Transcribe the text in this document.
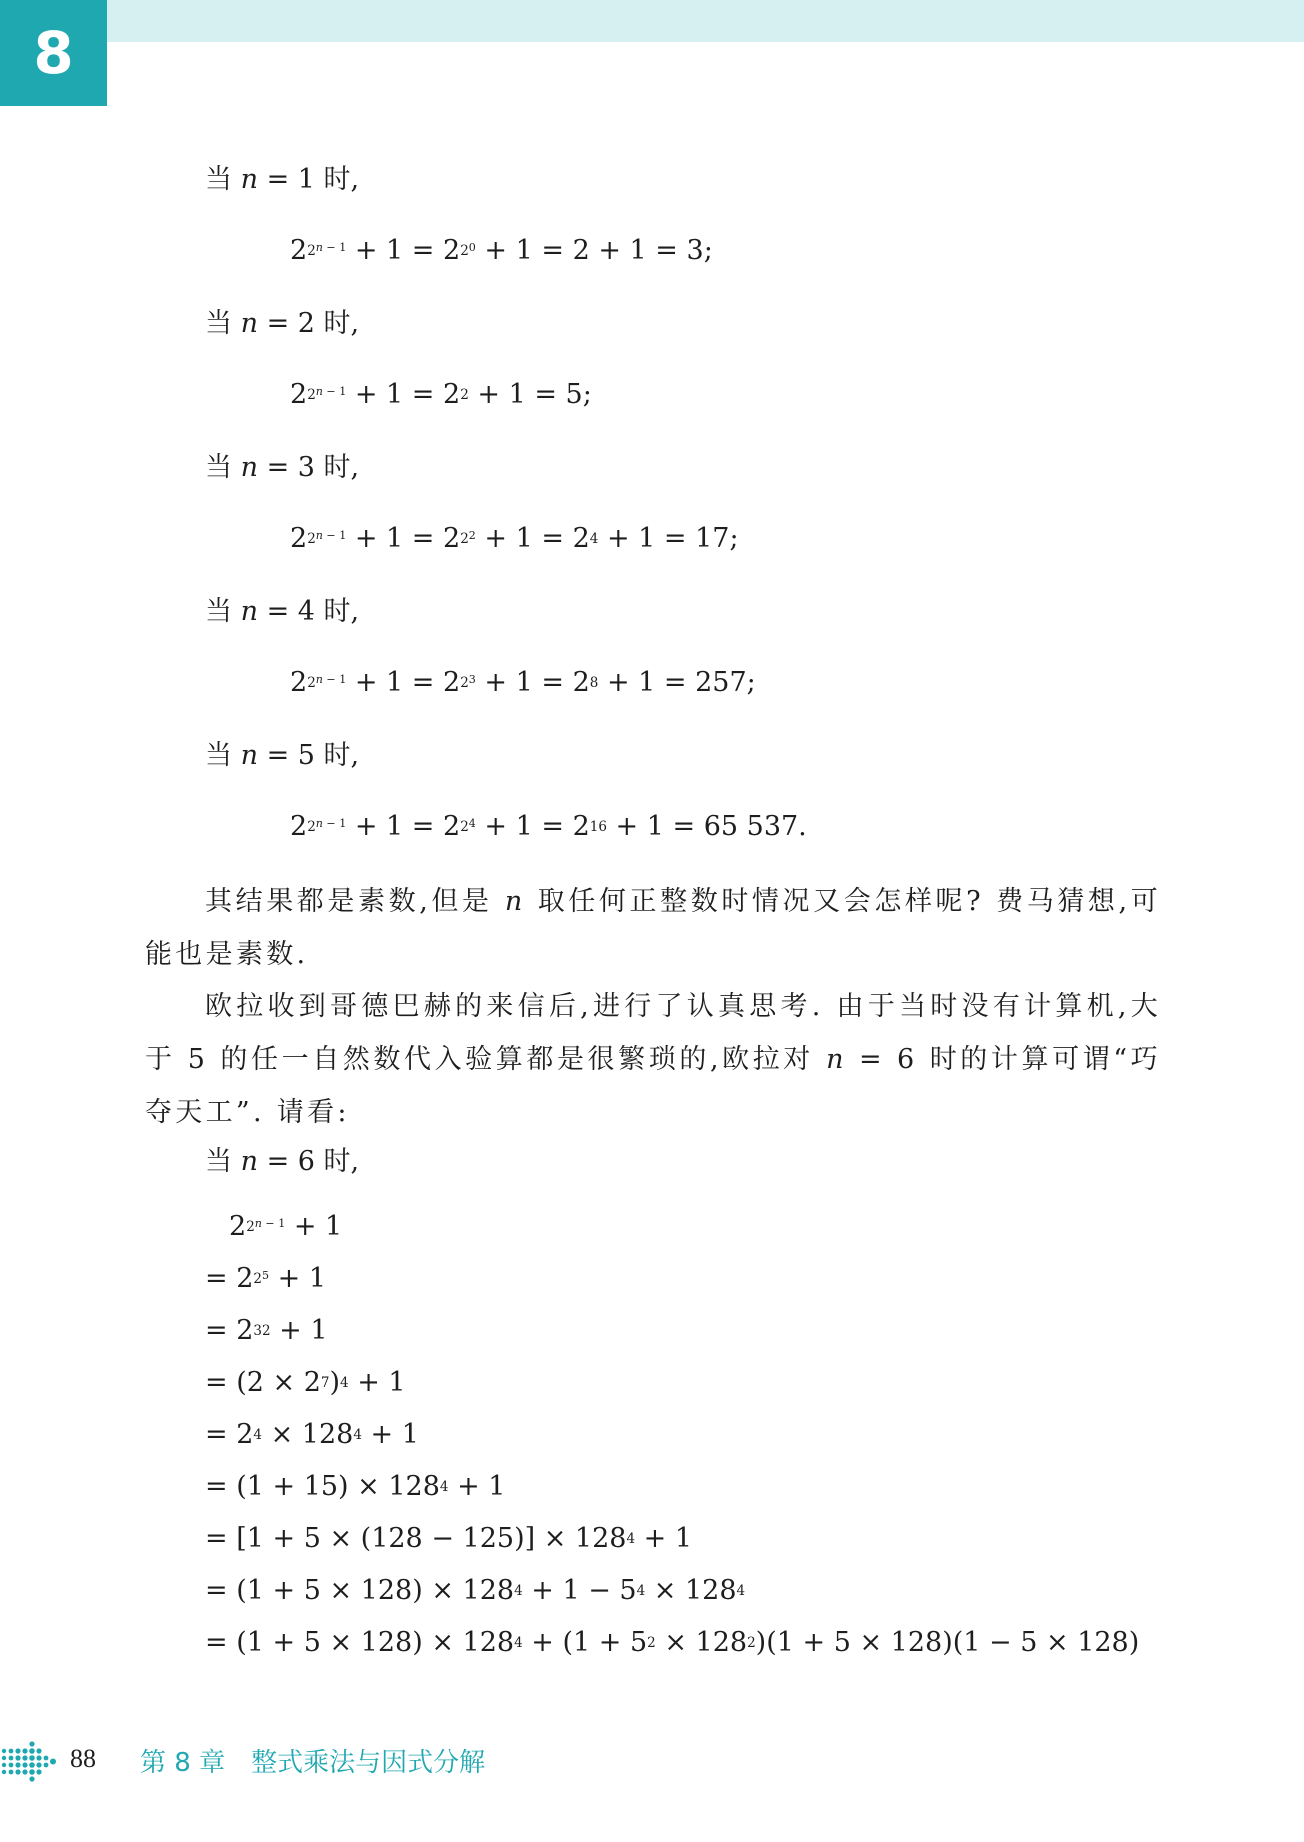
8
当 n = 1 时,
$2^{2^{n - 1}} + 1 = 2^{2^0} + 1 = 2 + 1 = 3$;
当 n = 2 时,
$2^{2^{n - 1}} + 1 = 2^2 + 1 = 5$;
当 n = 3 时,
$2^{2^{n - 1}} + 1 = 2^{2^2} + 1 = 2^4 + 1 = 17$;
当 n = 4 时,
$2^{2^{n - 1}} + 1 = 2^{2^3} + 1 = 2^8 + 1 = 257$;
当 n = 5 时,
$2^{2^{n - 1}} + 1 = 2^{2^4} + 1 = 2^{16} + 1 = 65$ 537.

其结果都是素数,但是 n 取任何正整数时情况又会怎样呢? 费马猜想,可能也是素数.

欧拉收到哥德巴赫的来信后,进行了认真思考. 由于当时没有计算机,大于 5 的任一自然数代入验算都是很繁琐的,欧拉对 n = 6 时的计算可谓“巧夺天工”. 请看:

当 n = 6 时,
$2^{2^{n - 1}} + 1$
= $2^{2^5} + 1$
= $2^{32} + 1$
= $(2 \times 2^7)^4 + 1$
= $2^4 \times 128^4 + 1$
= $(1 + 15) \times 128^4 + 1$
= $[1 + 5 \times (128 - 125)] \times 128^4 + 1$
= $(1 + 5 \times 128) \times 128^4 + 1 - 5^4 \times 128^4$
= $(1 + 5 \times 128) \times 128^4 + (1 + 5^2 \times 128^2)(1 + 5 \times 128)(1 - 5 \times 128)$
88 第 8 章 整式乘法与因式分解
